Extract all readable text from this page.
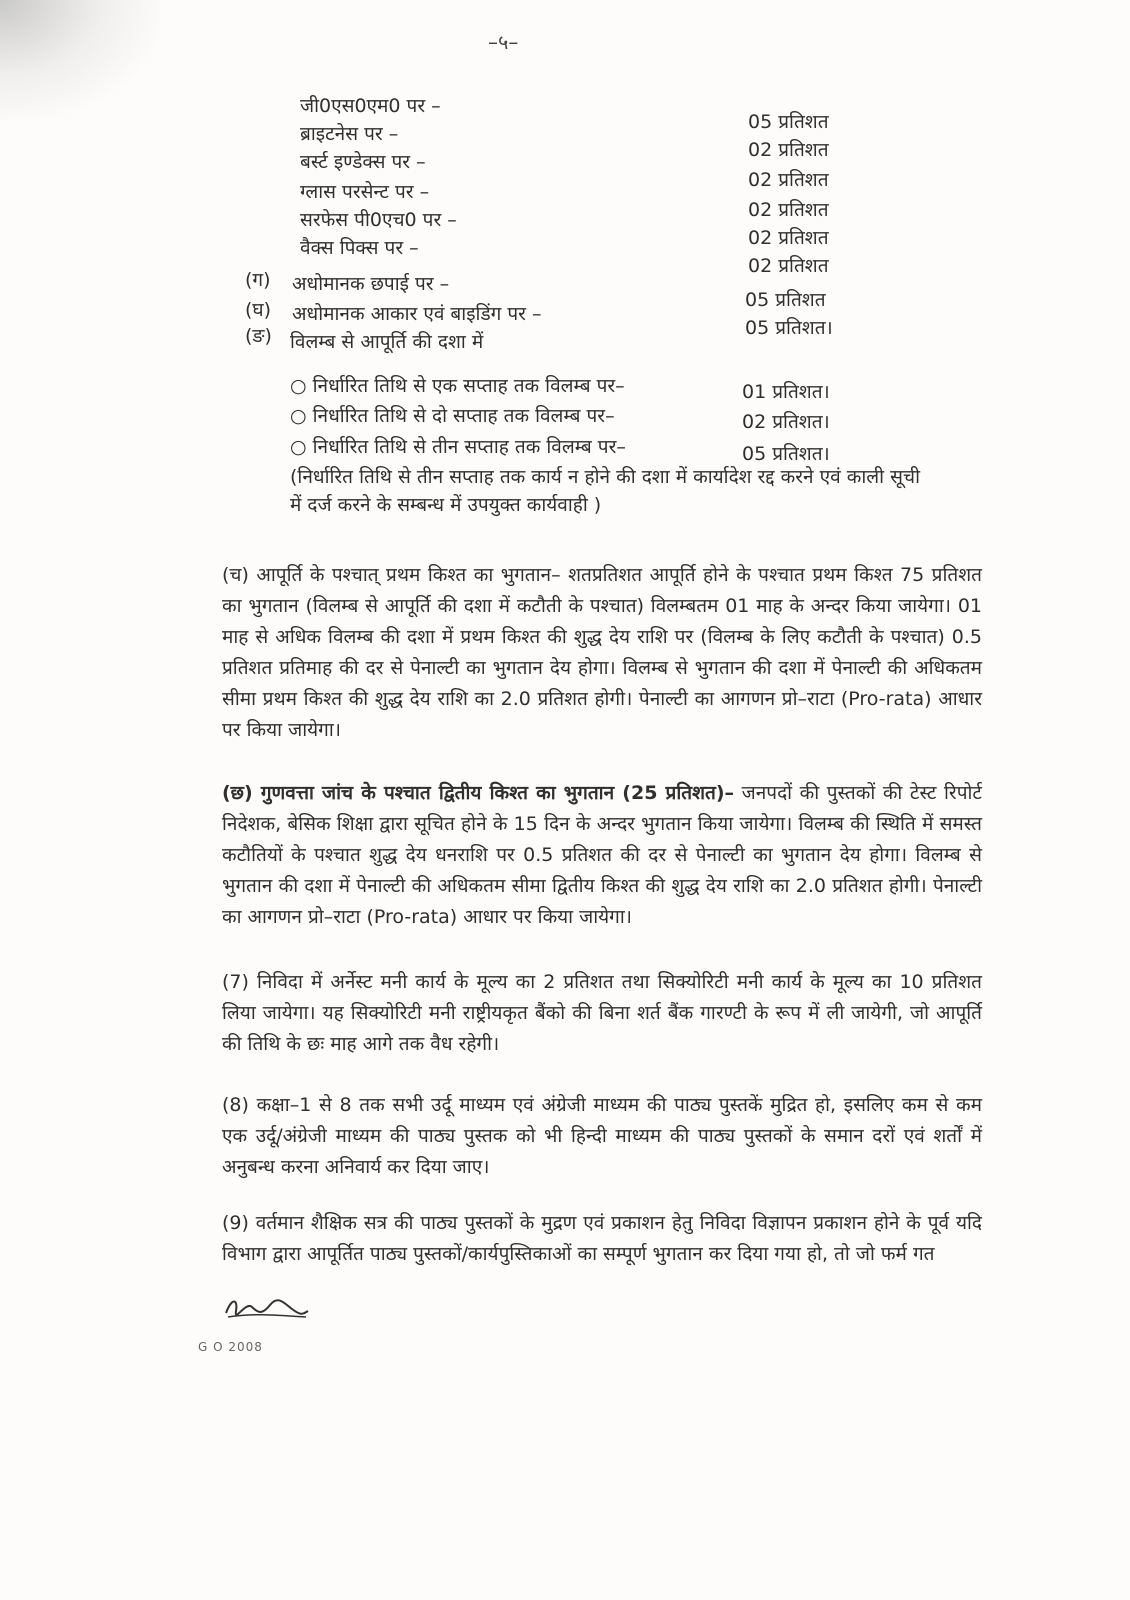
–५–
जी0एस0एम0 पर –
05 प्रतिशत
ब्राइटनेस पर –
02 प्रतिशत
बर्स्ट इण्डेक्स पर –
02 प्रतिशत
ग्लास परसेन्ट पर –
02 प्रतिशत
सरफेस पी0एच0 पर –
02 प्रतिशत
वैक्स पिक्स पर –
02 प्रतिशत
(ग) अधोमानक छपाई पर –
05 प्रतिशत
(घ) अधोमानक आकार एवं बाइडिंग पर –
05 प्रतिशत।
(ङ) विलम्ब से आपूर्ति की दशा में
○ निर्धारित तिथि से एक सप्ताह तक विलम्ब पर–	01 प्रतिशत।
○ निर्धारित तिथि से दो सप्ताह तक विलम्ब पर–	02 प्रतिशत।
○ निर्धारित तिथि से तीन सप्ताह तक विलम्ब पर–	05 प्रतिशत।
(निर्धारित तिथि से तीन सप्ताह तक कार्य न होने की दशा में कार्यादेश रद्द करने एवं काली सूची में दर्ज करने के सम्बन्ध में उपयुक्त कार्यवाही )
(च) आपूर्ति के पश्चात् प्रथम किश्त का भुगतान– शतप्रतिशत आपूर्ति होने के पश्चात प्रथम किश्त 75 प्रतिशत का भुगतान (विलम्ब से आपूर्ति की दशा में कटौती के पश्चात) विलम्बतम 01 माह के अन्दर किया जायेगा। 01 माह से अधिक विलम्ब की दशा में प्रथम किश्त की शुद्ध देय राशि पर (विलम्ब के लिए कटौती के पश्चात) 0.5 प्रतिशत प्रतिमाह की दर से पेनाल्टी का भुगतान देय होगा। विलम्ब से भुगतान की दशा में पेनाल्टी की अधिकतम सीमा प्रथम किश्त की शुद्ध देय राशि का 2.0 प्रतिशत होगी। पेनाल्टी का आगणन प्रो–राटा (Pro-rata) आधार पर किया जायेगा।
(छ) गुणवत्ता जांच के पश्चात द्वितीय किश्त का भुगतान (25 प्रतिशत)– जनपदों की पुस्तकों की टेस्ट रिपोर्ट निदेशक, बेसिक शिक्षा द्वारा सूचित होने के 15 दिन के अन्दर भुगतान किया जायेगा। विलम्ब की स्थिति में समस्त कटौतियों के पश्चात शुद्ध देय धनराशि पर 0.5 प्रतिशत की दर से पेनाल्टी का भुगतान देय होगा। विलम्ब से भुगतान की दशा में पेनाल्टी की अधिकतम सीमा द्वितीय किश्त की शुद्ध देय राशि का 2.0 प्रतिशत होगी। पेनाल्टी का आगणन प्रो–राटा (Pro-rata) आधार पर किया जायेगा।
(7) निविदा में अर्नेस्ट मनी कार्य के मूल्य का 2 प्रतिशत तथा सिक्योरिटी मनी कार्य के मूल्य का 10 प्रतिशत लिया जायेगा। यह सिक्योरिटी मनी राष्ट्रीयकृत बैंको की बिना शर्त बैंक गारण्टी के रूप में ली जायेगी, जो आपूर्ति की तिथि के छः माह आगे तक वैध रहेगी।
(8) कक्षा–1 से 8 तक सभी उर्दू माध्यम एवं अंग्रेजी माध्यम की पाठ्य पुस्तकें मुद्रित हो, इसलिए कम से कम एक उर्दू/अंग्रेजी माध्यम की पाठ्य पुस्तक को भी हिन्दी माध्यम की पाठ्य पुस्तकों के समान दरों एवं शर्तों में अनुबन्ध करना अनिवार्य कर दिया जाए।
(9) वर्तमान शैक्षिक सत्र की पाठ्य पुस्तकों के मुद्रण एवं प्रकाशन हेतु निविदा विज्ञापन प्रकाशन होने के पूर्व यदि विभाग द्वारा आपूर्तित पाठ्य पुस्तकों/कार्यपुस्तिकाओं का सम्पूर्ण भुगतान कर दिया गया हो, तो जो फर्म गत
G O 2008
